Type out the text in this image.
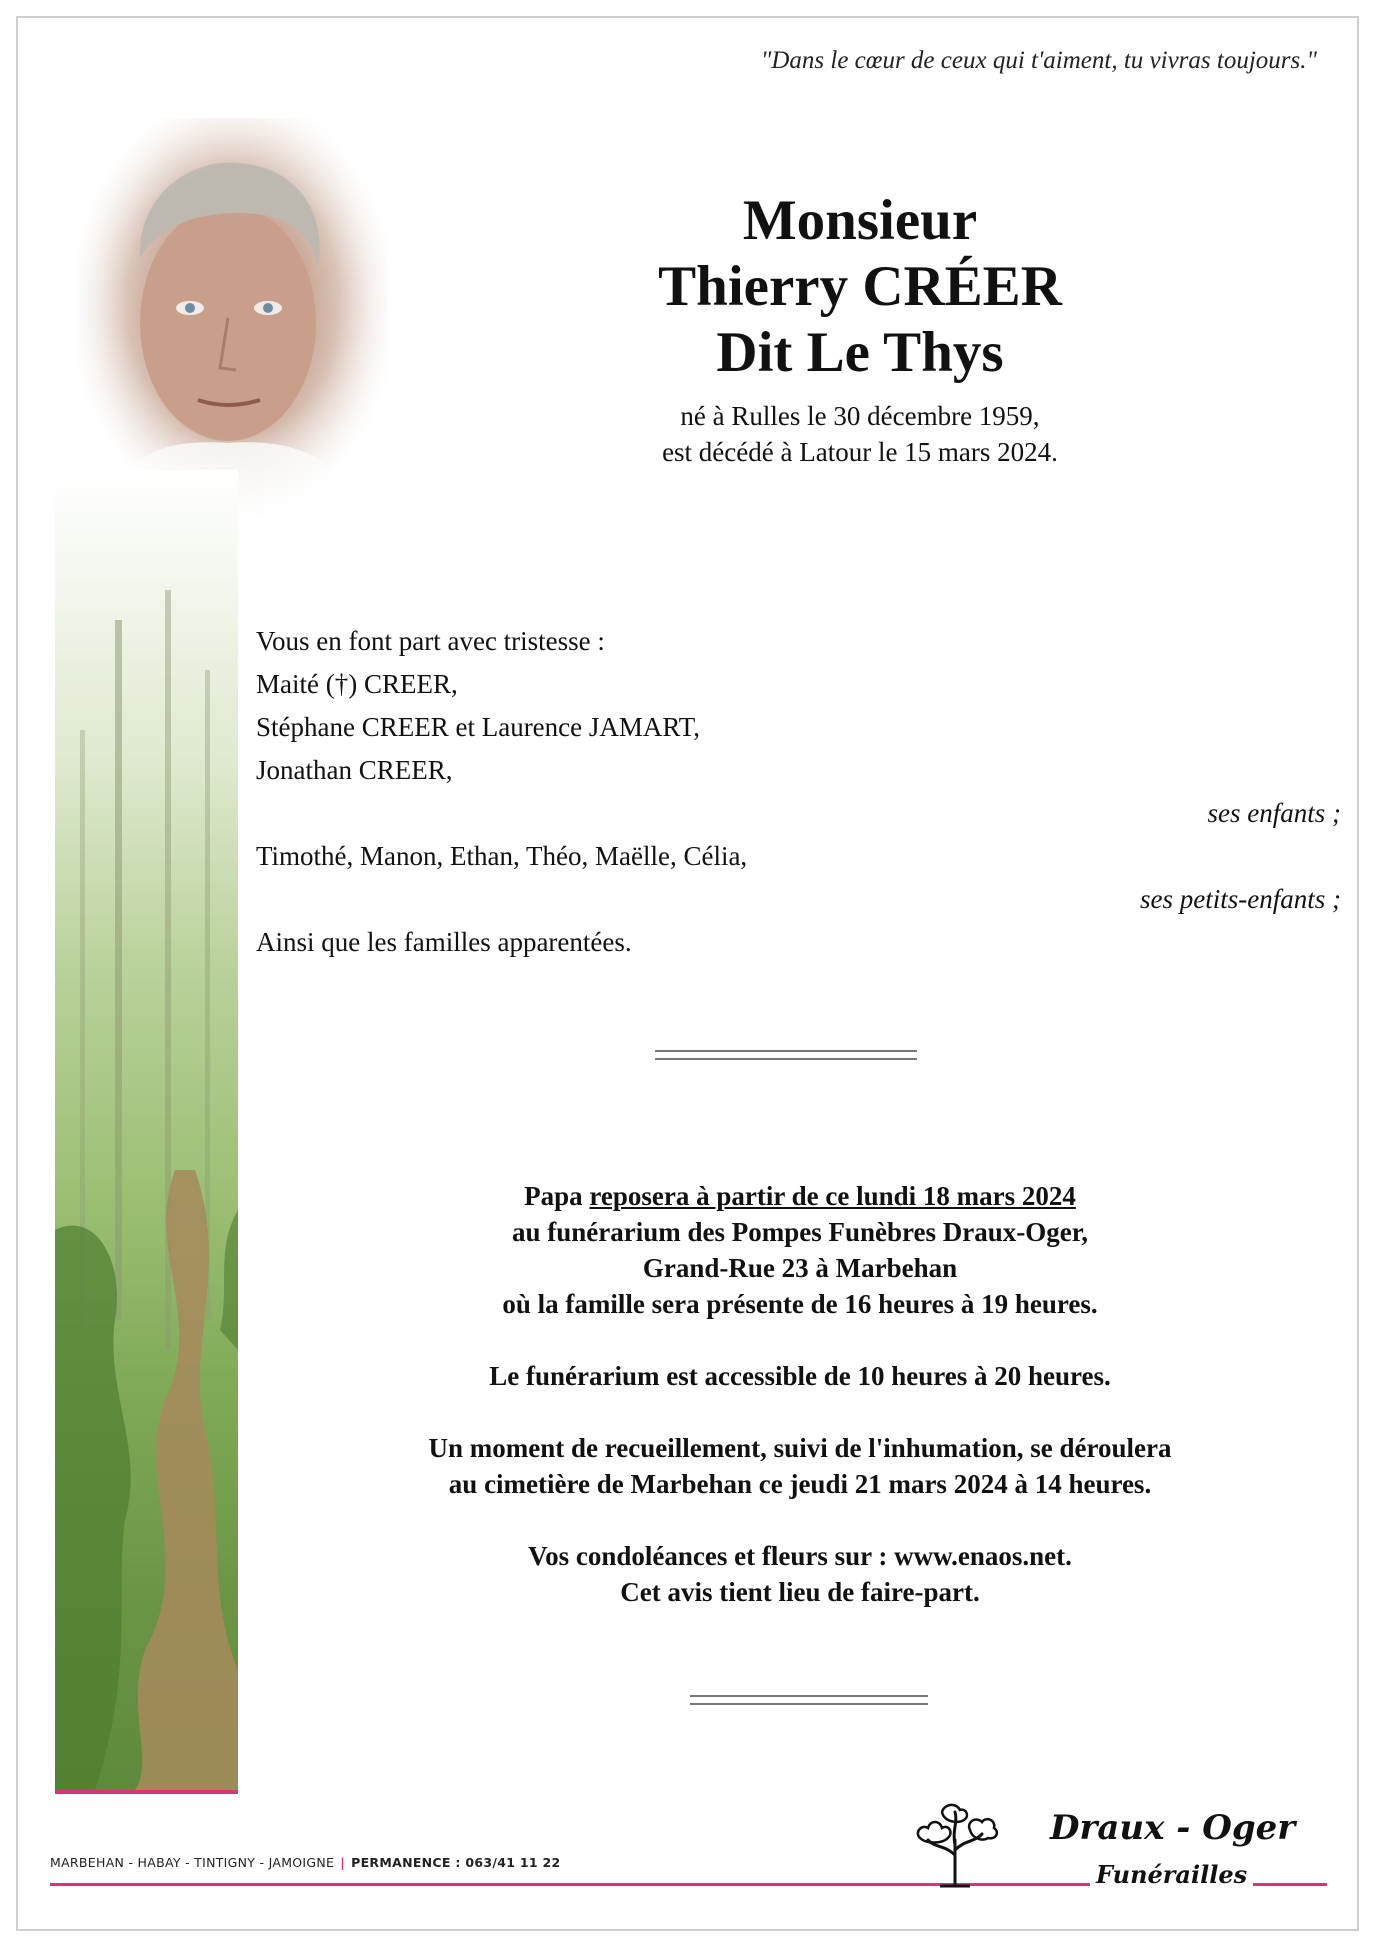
"Dans le cœur de ceux qui t'aiment, tu vivras toujours."
Monsieur
Thierry CRÉER
Dit Le Thys
né à Rulles le 30 décembre 1959,
est décédé à Latour le 15 mars 2024.
Vous en font part avec tristesse :
Maité (†) CREER,
Stéphane CREER et Laurence JAMART,
Jonathan CREER,
ses enfants ;
Timothé, Manon, Ethan, Théo, Maëlle, Célia,
ses petits-enfants ;
Ainsi que les familles apparentées.
Papa reposera à partir de ce lundi 18 mars 2024
au funérarium des Pompes Funèbres Draux-Oger,
Grand-Rue 23 à Marbehan
où la famille sera présente de 16 heures à 19 heures.
Le funérarium est accessible de 10 heures à 20 heures.
Un moment de recueillement, suivi de l'inhumation, se déroulera
au cimetière de Marbehan ce jeudi 21 mars 2024 à 14 heures.
Vos condoléances et fleurs sur : www.enaos.net.
Cet avis tient lieu de faire-part.
MARBEHAN - HABAY - TINTIGNY - JAMOIGNE | PERMANENCE : 063/41 11 22
Draux - Oger
Funérailles
